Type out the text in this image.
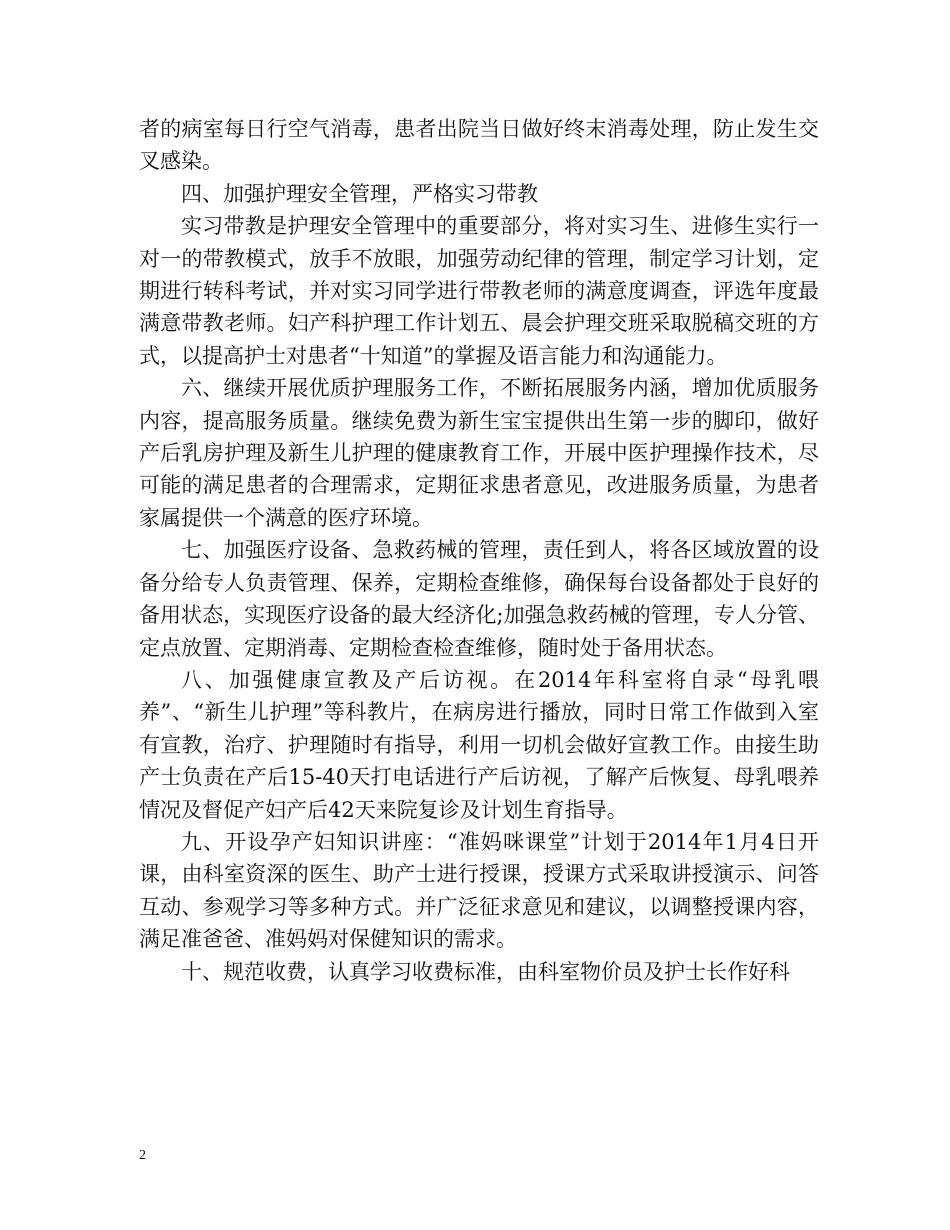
者的病室每日行空气消毒，患者出院当日做好终末消毒处理，防止发生交叉感染。

四、加强护理安全管理，严格实习带教

实习带教是护理安全管理中的重要部分，将对实习生、进修生实行一对一的带教模式，放手不放眼，加强劳动纪律的管理，制定学习计划，定期进行转科考试，并对实习同学进行带教老师的满意度调查，评选年度最满意带教老师。妇产科护理工作计划五、晨会护理交班采取脱稿交班的方式，以提高护士对患者“十知道”的掌握及语言能力和沟通能力。

六、继续开展优质护理服务工作，不断拓展服务内涵，增加优质服务内容，提高服务质量。继续免费为新生宝宝提供出生第一步的脚印，做好产后乳房护理及新生儿护理的健康教育工作，开展中医护理操作技术，尽可能的满足患者的合理需求，定期征求患者意见，改进服务质量，为患者家属提供一个满意的医疗环境。

七、加强医疗设备、急救药械的管理，责任到人，将各区域放置的设备分给专人负责管理、保养，定期检查维修，确保每台设备都处于良好的备用状态，实现医疗设备的最大经济化;加强急救药械的管理，专人分管、定点放置、定期消毒、定期检查检查维修，随时处于备用状态。

八、加强健康宣教及产后访视。在2014年科室将自录“母乳喂养”、“新生儿护理”等科教片，在病房进行播放，同时日常工作做到入室有宣教，治疗、护理随时有指导，利用一切机会做好宣教工作。由接生助产士负责在产后15-40天打电话进行产后访视，了解产后恢复、母乳喂养情况及督促产妇产后42天来院复诊及计划生育指导。

九、开设孕产妇知识讲座：“准妈咪课堂”计划于2014年1月4日开课，由科室资深的医生、助产士进行授课，授课方式采取讲授演示、问答互动、参观学习等多种方式。并广泛征求意见和建议，以调整授课内容，满足准爸爸、准妈妈对保健知识的需求。

十、规范收费，认真学习收费标准，由科室物价员及护士长作好科

2
